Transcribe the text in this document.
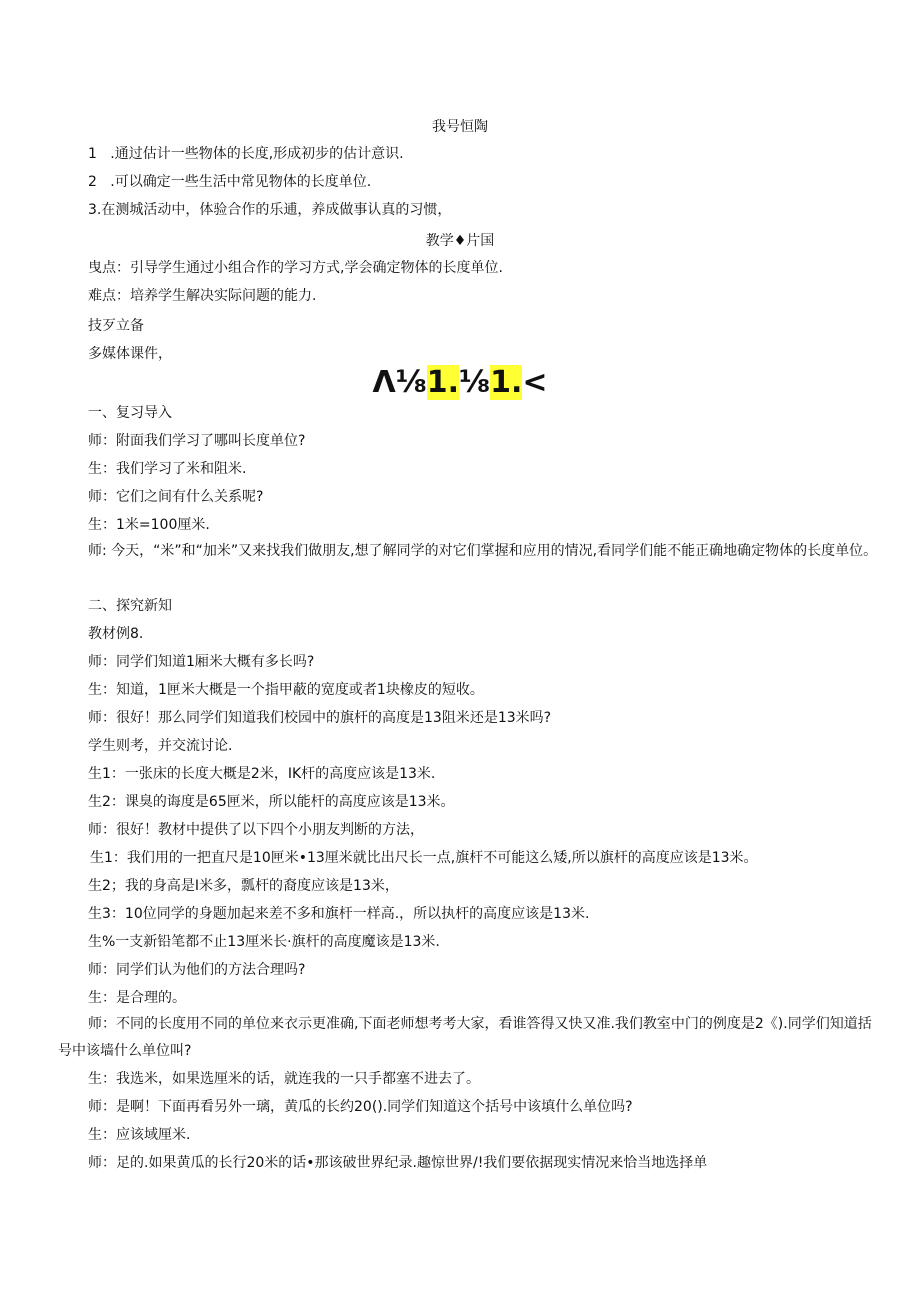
我号恒陶
1   .通过估计一些物体的长度,形成初步的估计意识.
2   .可以确定一些生活中常见物体的长度单位.
3.在测城活动中，体验合作的乐逋，养成做事认真的习惯，
教学♦片国
曳点：引导学生通过小组合作的学习方式,学会确定物体的长度单位.
难点：培养学生解决实际问题的能力.
技歹立备
多媒体课件，
Λ⅛1.⅛1.<
一、复习导入
师：附面我们学习了哪叫长度单位?
生：我们学习了米和阻米.
师：它们之间有什么关系呢?
生：1米=100厘米.
师: 今天，“米”和“加米”又来找我们做朋友,想了解同学的对它们掌握和应用的情况,看同学们能不能正确地确定物体的长度单位。
二、探究新知
教材例8.
师：同学们知道1厢米大概有多长吗?
生：知道，1匣米大概是一个指甲蔽的宽度或者1块橡皮的短收。
师：很好！那么同学们知道我们校园中的旗杆的高度是13阻米还是13米吗?
学生则考，并交流讨论.
生1：一张床的长度大概是2米，IK杆的高度应该是13米.
生2：课臭的诲度是65匣米，所以能杆的高度应该是13米。
师：很好！教材中提供了以下四个小朋友判断的方法，
生1：我们用的一把直尺是10匣米•13厘米就比出尺长一点,旗杆不可能这么矮,所以旗杆的高度应该是13米。
生2；我的身高是I米多，瓢杆的裔度应该是13米，
生3：10位同学的身题加起来差不多和旗杆一样高.，所以执杆的高度应该是13米.
生%一支新铅笔都不止13厘米长·旗杆的高度魔该是13米.
师：同学们认为他们的方法合理吗?
生：是合理的。
师：不同的长度用不同的单位来衣示更准确,下面老师想考考大家，看谁答得又快又准.我们教室中门的例度是2《).同学们知道括号中该墙什么单位叫?
生：我选米，如果选厘米的话，就连我的一只手都塞不进去了。
师：是啊！下面再看另外一璃，黄瓜的长约20().同学们知道这个括号中该填什么单位吗?
生：应该域厘米.
师：足的.如果黄瓜的长行20米的话•那该破世界纪录.趣惊世界/!我们要依据现实情况来恰当地选择单
